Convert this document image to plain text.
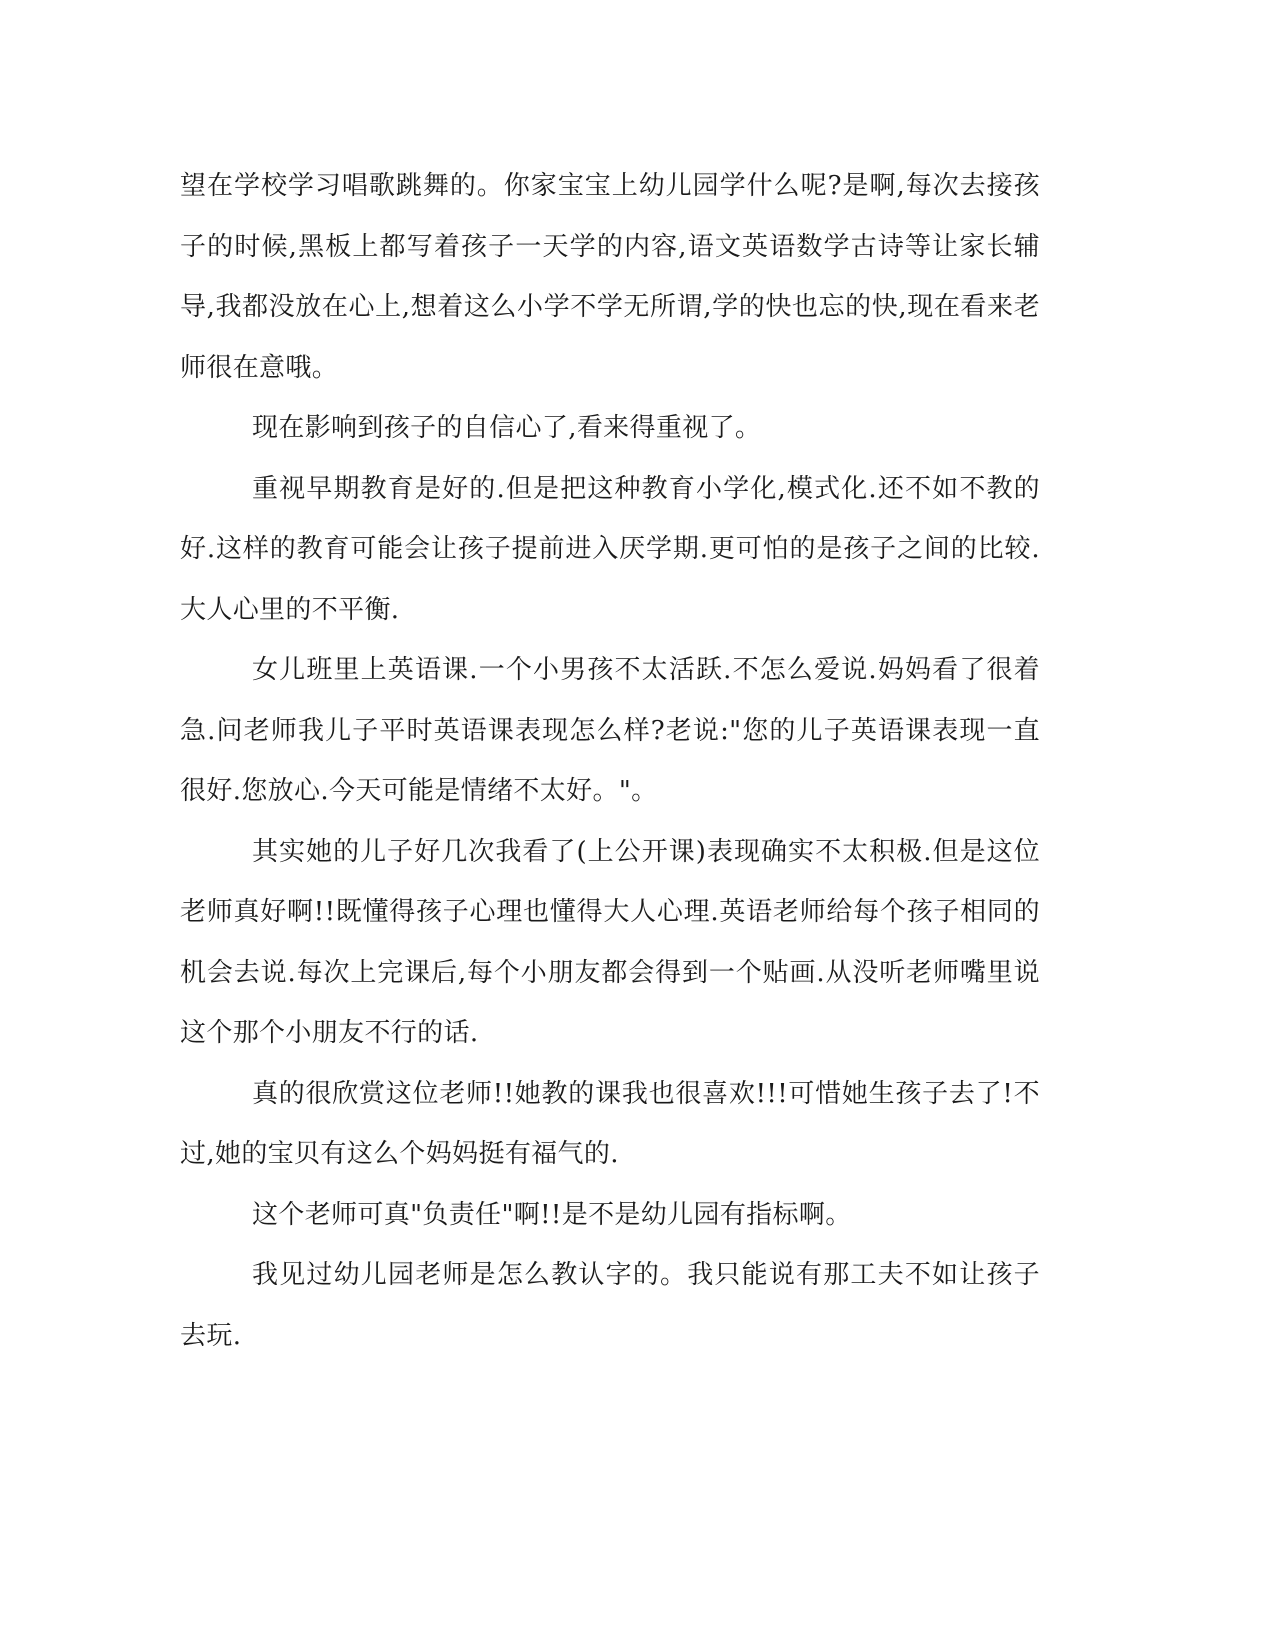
望在学校学习唱歌跳舞的。你家宝宝上幼儿园学什么呢?是啊,每次去接孩子的时候,黑板上都写着孩子一天学的内容,语文英语数学古诗等让家长辅导,我都没放在心上,想着这么小学不学无所谓,学的快也忘的快,现在看来老师很在意哦。

现在影响到孩子的自信心了,看来得重视了。

重视早期教育是好的.但是把这种教育小学化,模式化.还不如不教的好.这样的教育可能会让孩子提前进入厌学期.更可怕的是孩子之间的比较.大人心里的不平衡.

女儿班里上英语课.一个小男孩不太活跃.不怎么爱说.妈妈看了很着急.问老师我儿子平时英语课表现怎么样?老说:"您的儿子英语课表现一直很好.您放心.今天可能是情绪不太好。"。

其实她的儿子好几次我看了(上公开课)表现确实不太积极.但是这位老师真好啊!!既懂得孩子心理也懂得大人心理.英语老师给每个孩子相同的机会去说.每次上完课后,每个小朋友都会得到一个贴画.从没听老师嘴里说这个那个小朋友不行的话.

真的很欣赏这位老师!!她教的课我也很喜欢!!!可惜她生孩子去了!不过,她的宝贝有这么个妈妈挺有福气的.

这个老师可真"负责任"啊!!是不是幼儿园有指标啊。

我见过幼儿园老师是怎么教认字的。我只能说有那工夫不如让孩子去玩.
